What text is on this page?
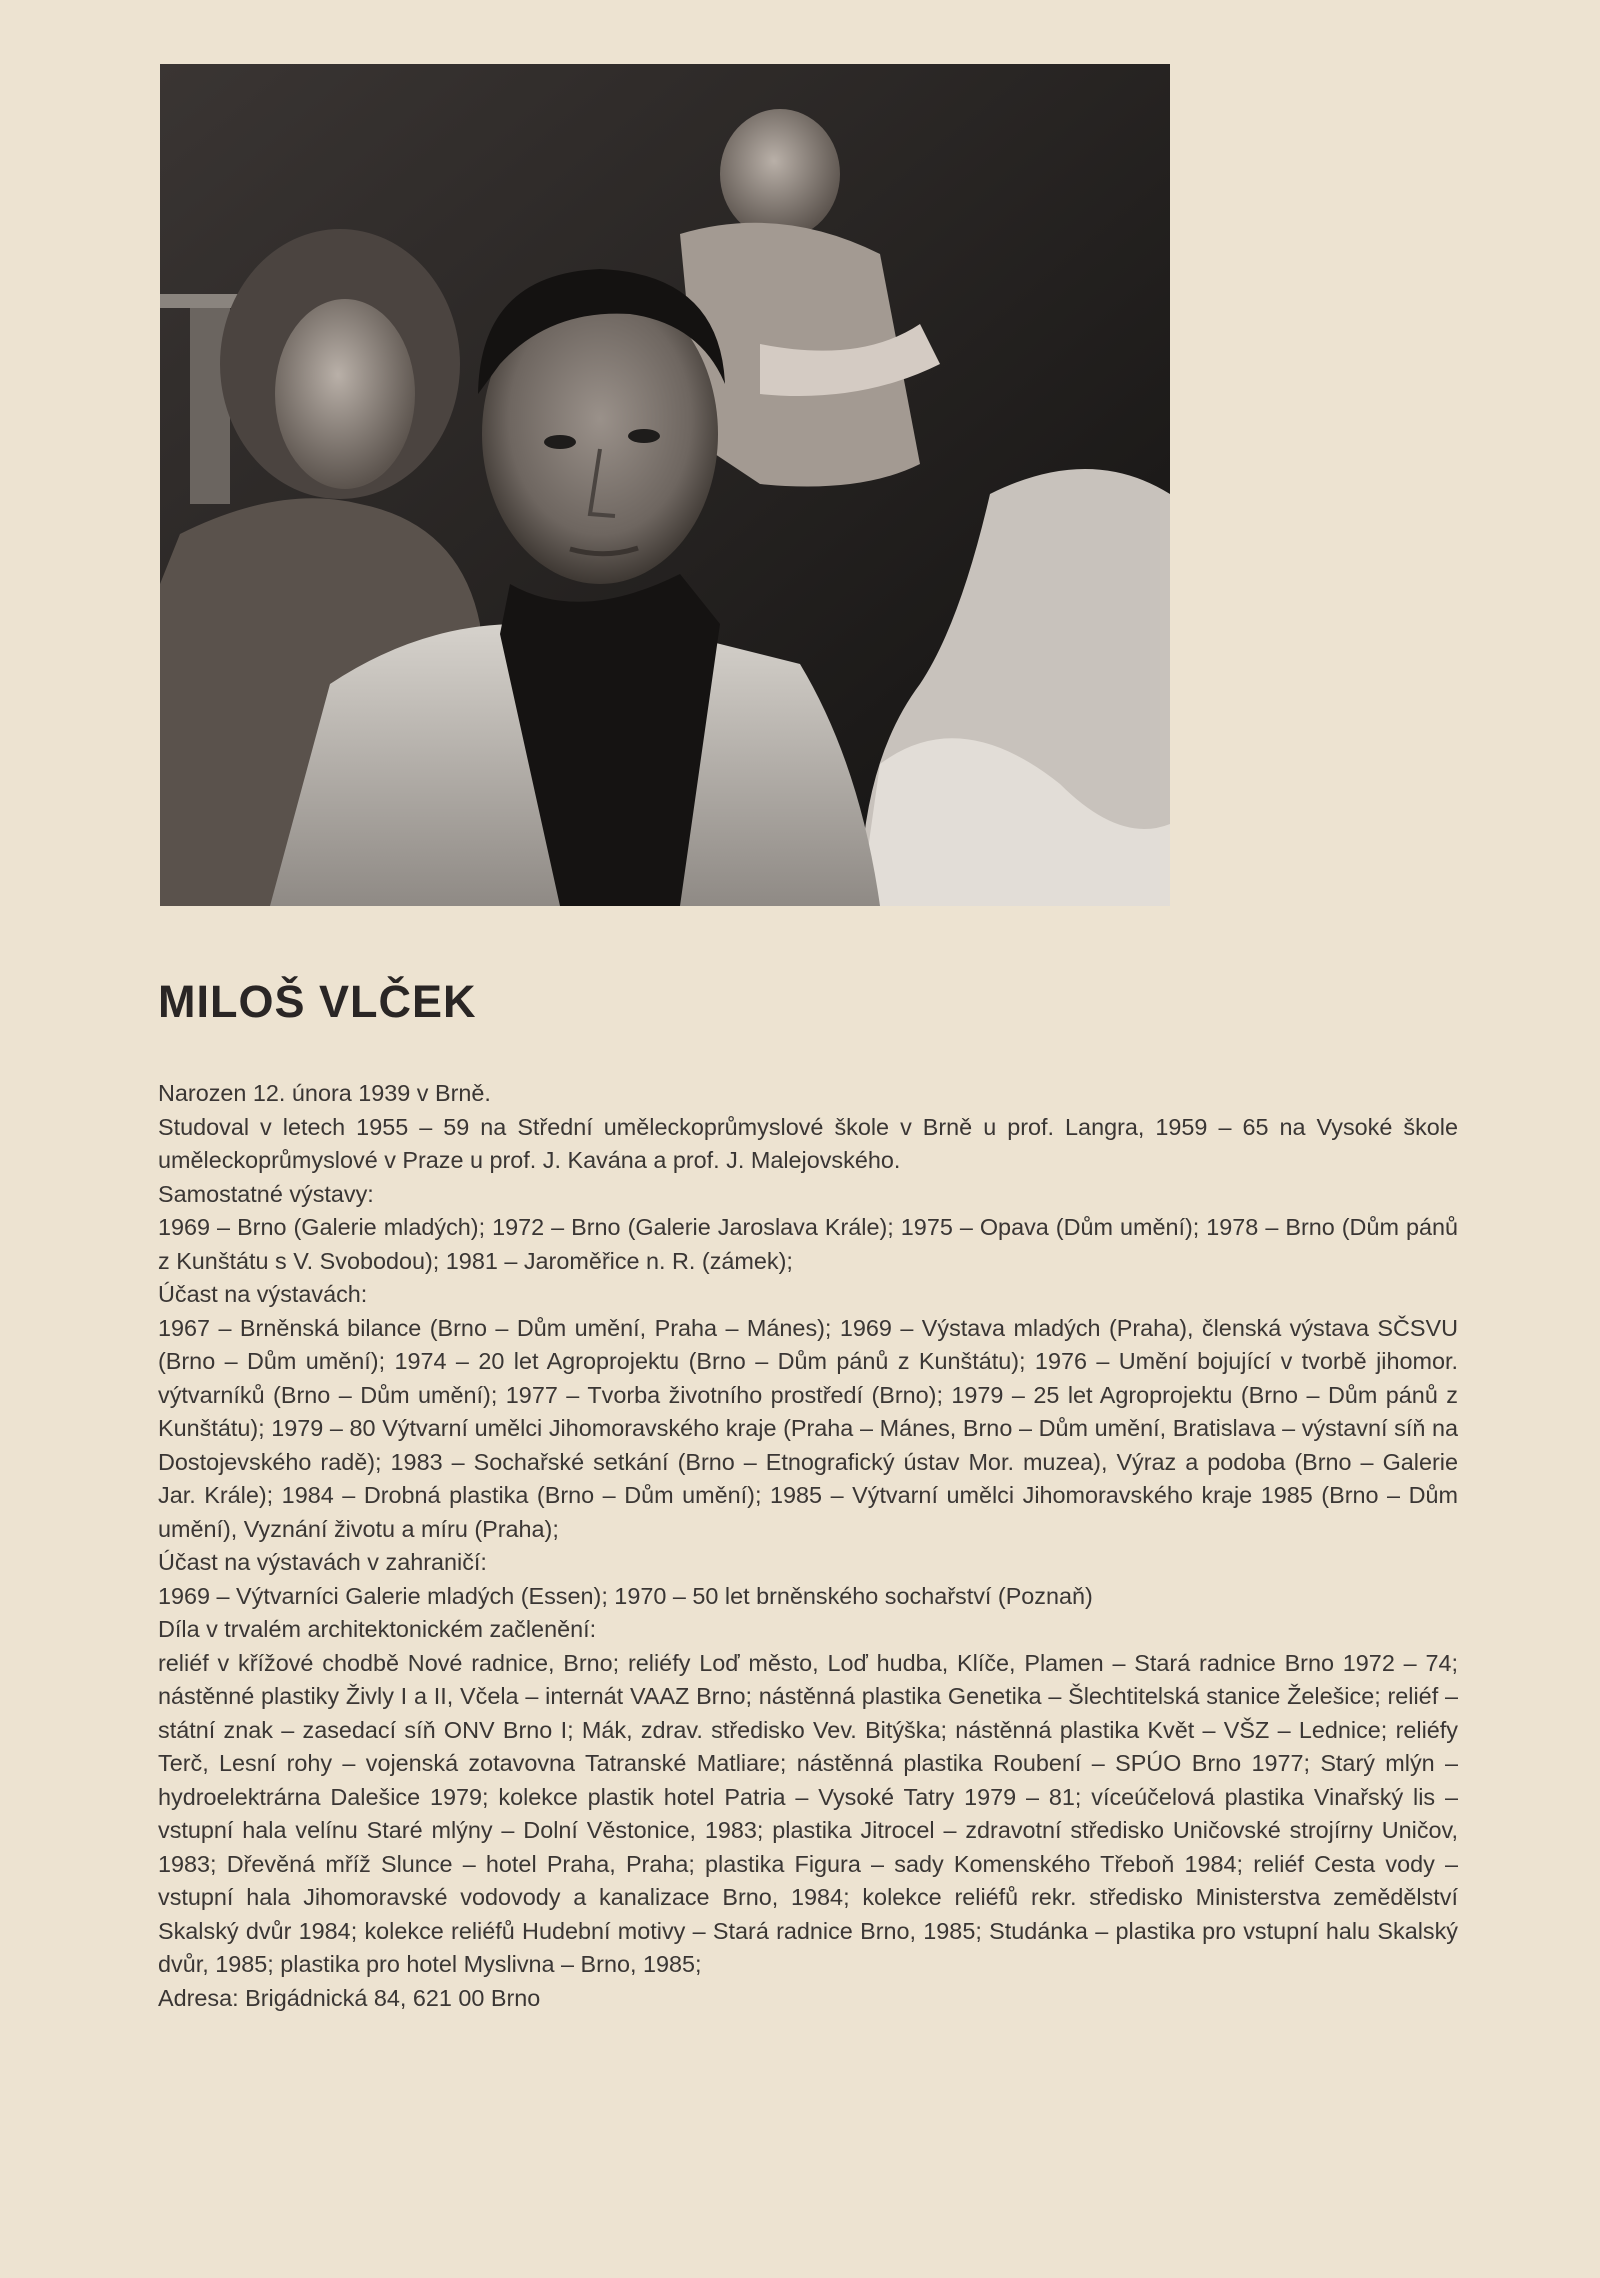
MILOŠ VLČEK

Narozen 12. února 1939 v Brně.

Studoval v letech 1955 – 59 na Střední uměleckoprůmyslové škole v Brně u prof. Langra, 1959 – 65 na Vysoké škole uměleckoprůmyslové v Praze u prof. J. Kavána a prof. J. Malejovského.

Samostatné výstavy:

1969 – Brno (Galerie mladých); 1972 – Brno (Galerie Jaroslava Krále); 1975 – Opava (Dům umění); 1978 – Brno (Dům pánů z Kunštátu s V. Svobodou); 1981 – Jaroměřice n. R. (zámek);

Účast na výstavách:

1967 – Brněnská bilance (Brno – Dům umění, Praha – Mánes); 1969 – Výstava mladých (Praha), členská výstava SČSVU (Brno – Dům umění); 1974 – 20 let Agroprojektu (Brno – Dům pánů z Kunštátu); 1976 – Umění bojující v tvorbě jihomor. výtvarníků (Brno – Dům umění); 1977 – Tvorba životního prostředí (Brno); 1979 – 25 let Agroprojektu (Brno – Dům pánů z Kunštátu); 1979 – 80 Výtvarní umělci Jihomoravského kraje (Praha – Mánes, Brno – Dům umění, Bratislava – výstavní síň na Dostojevského radě); 1983 – Sochařské setkání (Brno – Etnografický ústav Mor. muzea), Výraz a podoba (Brno – Galerie Jar. Krále); 1984 – Drobná plastika (Brno – Dům umění); 1985 – Výtvarní umělci Jihomoravského kraje 1985 (Brno – Dům umění), Vyznání životu a míru (Praha);

Účast na výstavách v zahraničí:

1969 – Výtvarníci Galerie mladých (Essen); 1970 – 50 let brněnského sochařství (Poznaň)

Díla v trvalém architektonickém začlenění:

reliéf v křížové chodbě Nové radnice, Brno; reliéfy Loď město, Loď hudba, Klíče, Plamen – Stará radnice Brno 1972 – 74; nástěnné plastiky Živly I a II, Včela – internát VAAZ Brno; nástěnná plastika Genetika – Šlechtitelská stanice Želešice; reliéf – státní znak – zasedací síň ONV Brno I; Mák, zdrav. středisko Vev. Bitýška; nástěnná plastika Květ – VŠZ – Lednice; reliéfy Terč, Lesní rohy – vojenská zotavovna Tatranské Matliare; nástěnná plastika Roubení – SPÚO Brno 1977; Starý mlýn – hydroelektrárna Dalešice 1979; kolekce plastik hotel Patria – Vysoké Tatry 1979 – 81; víceúčelová plastika Vinařský lis – vstupní hala velínu Staré mlýny – Dolní Věstonice, 1983; plastika Jitrocel – zdravotní středisko Uničovské strojírny Uničov, 1983; Dřevěná mříž Slunce – hotel Praha, Praha; plastika Figura – sady Komenského Třeboň 1984; reliéf Cesta vody – vstupní hala Jihomoravské vodovody a kanalizace Brno, 1984; kolekce reliéfů rekr. středisko Ministerstva zemědělství Skalský dvůr 1984; kolekce reliéfů Hudební motivy – Stará radnice Brno, 1985; Studánka – plastika pro vstupní halu Skalský dvůr, 1985; plastika pro hotel Myslivna – Brno, 1985;

Adresa: Brigádnická 84, 621 00 Brno
